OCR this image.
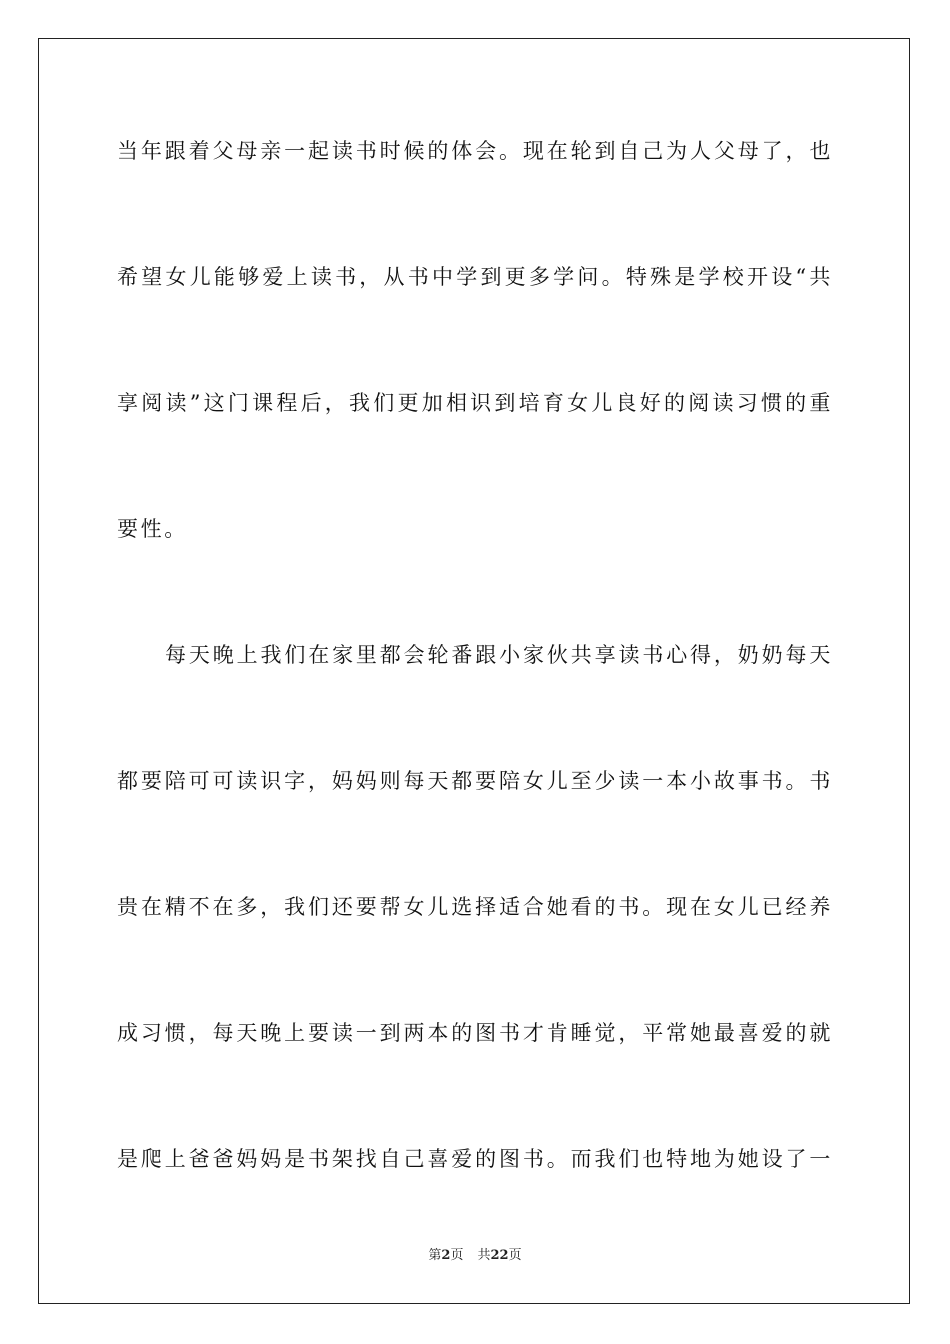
当年跟着父母亲一起读书时候的体会。现在轮到自己为人父母了，也
希望女儿能够爱上读书，从书中学到更多学问。特殊是学校开设“共
享阅读”这门课程后，我们更加相识到培育女儿良好的阅读习惯的重
要性。
每天晚上我们在家里都会轮番跟小家伙共享读书心得，奶奶每天
都要陪可可读识字，妈妈则每天都要陪女儿至少读一本小故事书。书
贵在精不在多，我们还要帮女儿选择适合她看的书。现在女儿已经养
成习惯，每天晚上要读一到两本的图书才肯睡觉，平常她最喜爱的就
是爬上爸爸妈妈是书架找自己喜爱的图书。而我们也特地为她设了一
第2页 共22页
